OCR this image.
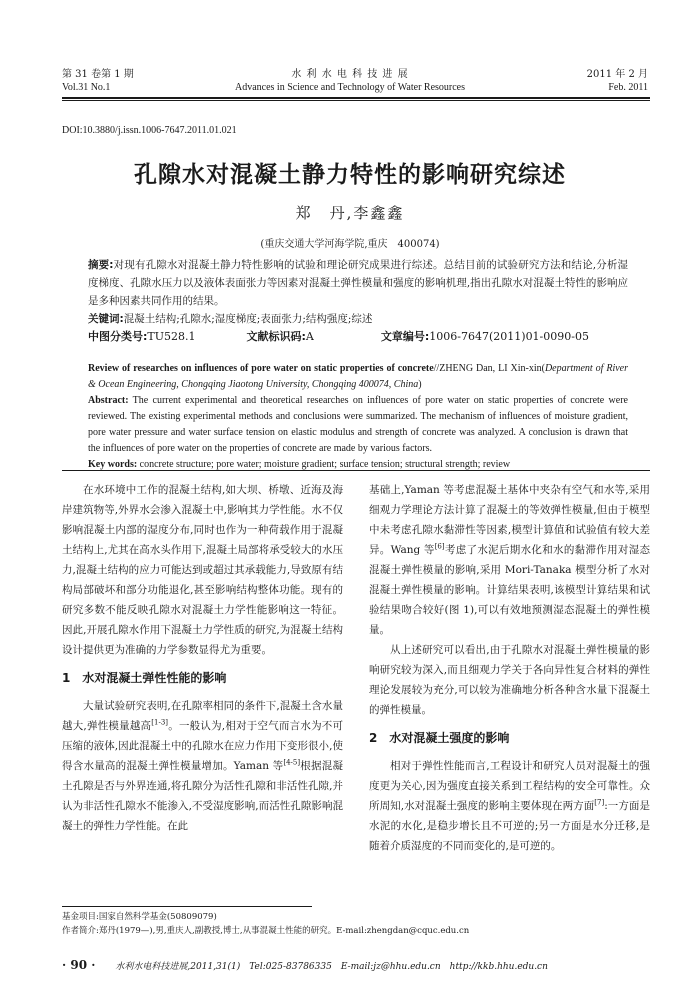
第 31 卷第 1 期
Vol.31 No.1
水 利 水 电 科 技 进 展
Advances in Science and Technology of Water Resources
2011 年 2 月
Feb. 2011
DOI:10.3880/j.issn.1006-7647.2011.01.021
孔隙水对混凝土静力特性的影响研究综述
郑　丹,李鑫鑫
(重庆交通大学河海学院,重庆　400074)
摘要:对现有孔隙水对混凝土静力特性影响的试验和理论研究成果进行综述。总结目前的试验研究方法和结论,分析湿度梯度、孔隙水压力以及液体表面张力等因素对混凝土弹性模量和强度的影响机理,指出孔隙水对混凝土特性的影响应是多种因素共同作用的结果。
关键词:混凝土结构;孔隙水;湿度梯度;表面张力;结构强度;综述
中图分类号:TU528.1	文献标识码:A	文章编号:1006-7647(2011)01-0090-05
Review of researches on influences of pore water on static properties of concrete//ZHENG Dan, LI Xin-xin(Department of River & Ocean Engineering, Chongqing Jiaotong University, Chongqing 400074, China)
Abstract: The current experimental and theoretical researches on influences of pore water on static properties of concrete were reviewed. The existing experimental methods and conclusions were summarized. The mechanism of influences of moisture gradient, pore water pressure and water surface tension on elastic modulus and strength of concrete was analyzed. A conclusion is drawn that the influences of pore water on the properties of concrete are made by various factors.
Key words: concrete structure; pore water; moisture gradient; surface tension; structural strength; review

在水环境中工作的混凝土结构,如大坝、桥墩、近海及海岸建筑物等,外界水会渗入混凝土中,影响其力学性能。水不仅影响混凝土内部的湿度分布,同时也作为一种荷载作用于混凝土结构上,尤其在高水头作用下,混凝土局部将承受较大的水压力,混凝土结构的应力可能达到或超过其承载能力,导致原有结构局部破坏和部分功能退化,甚至影响结构整体功能。现有的研究多数不能反映孔隙水对混凝土力学性能影响这一特征。因此,开展孔隙水作用下混凝土力学性质的研究,为混凝土结构设计提供更为准确的力学参数显得尤为重要。

1　水对混凝土弹性性能的影响

大量试验研究表明,在孔隙率相同的条件下,混凝土含水量越大,弹性模量越高[1-3]。一般认为,相对于空气而言水为不可压缩的液体,因此混凝土中的孔隙水在应力作用下变形很小,使得含水量高的混凝土弹性模量增加。Yaman 等[4-5]根据混凝土孔隙是否与外界连通,将孔隙分为活性孔隙和非活性孔隙,并认为非活性孔隙水不能渗入,不受湿度影响,而活性孔隙影响混凝土的弹性力学性能。在此

基础上,Yaman 等考虑混凝土基体中夹杂有空气和水等,采用细观力学理论方法计算了混凝土的等效弹性模量,但由于模型中未考虑孔隙水黏滞性等因素,模型计算值和试验值有较大差异。Wang 等[6]考虑了水泥后期水化和水的黏滞作用对湿态混凝土弹性模量的影响,采用 Mori-Tanaka 模型分析了水对混凝土弹性模量的影响。计算结果表明,该模型计算结果和试验结果吻合较好(图 1),可以有效地预测湿态混凝土的弹性模量。

从上述研究可以看出,由于孔隙水对混凝土弹性模量的影响研究较为深入,而且细观力学关于各向异性复合材料的弹性理论发展较为充分,可以较为准确地分析各种含水量下混凝土的弹性模量。

2　水对混凝土强度的影响

相对于弹性性能而言,工程设计和研究人员对混凝土的强度更为关心,因为强度直接关系到工程结构的安全可靠性。众所周知,水对混凝土强度的影响主要体现在两方面[7]:一方面是水泥的水化,是稳步增长且不可逆的;另一方面是水分迁移,是随着介质湿度的不同而变化的,是可逆的。

基金项目:国家自然科学基金(50809079)
作者简介:郑丹(1979—),男,重庆人,副教授,博士,从事混凝土性能的研究。E-mail:zhengdan@cquc.edu.cn
· 90 · 水利水电科技进展,2011,31(1)　Tel:025-83786335　E-mail:jz@hhu.edu.cn　http://kkb.hhu.edu.cn
